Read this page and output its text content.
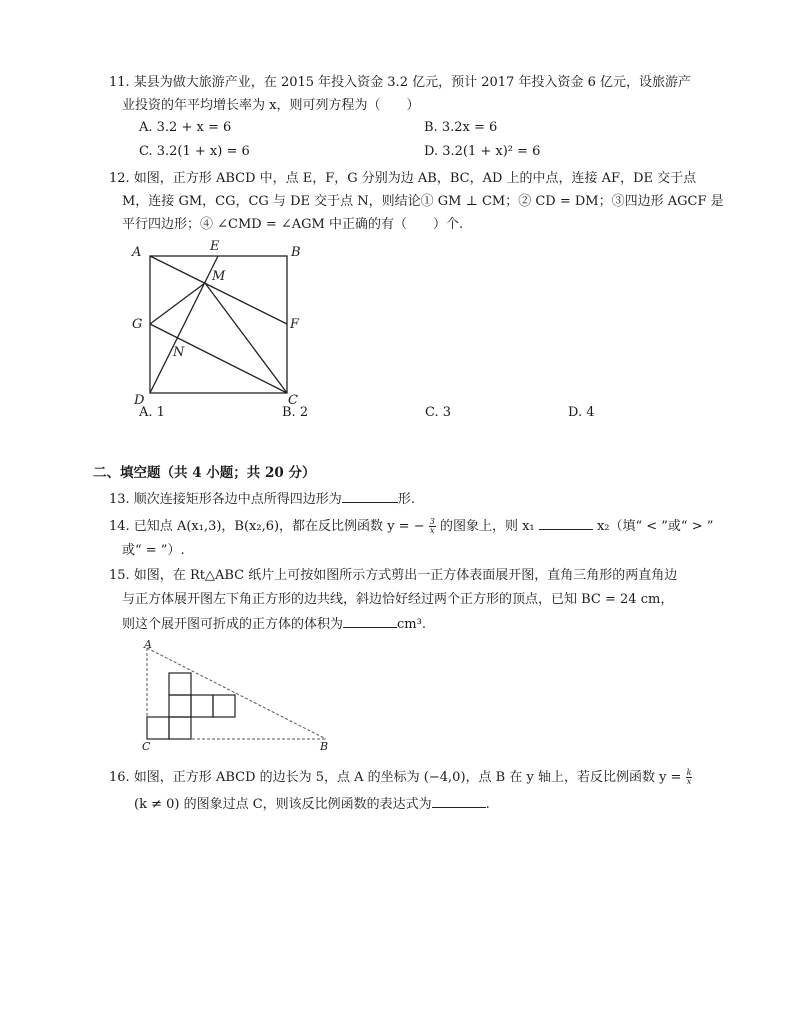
11. 某县为做大旅游产业，在 2015 年投入资金 3.2 亿元，预计 2017 年投入资金 6 亿元，设旅游产
业投资的年平均增长率为 x，则可列方程为（　　）
A. 3.2 + x = 6	B. 3.2x = 6
C. 3.2(1 + x) = 6	D. 3.2(1 + x)² = 6
12. 如图，正方形 ABCD 中，点 E，F，G 分别为边 AB，BC，AD 上的中点，连接 AF，DE 交于点
M，连接 GM，CG，CG 与 DE 交于点 N，则结论① GM ⊥ CM；② CD = DM；③四边形 AGCF 是
平行四边形；④ ∠CMD = ∠AGM 中正确的有（　　）个.
A	B
C
D
E
F
G
M
N
A. 1	B. 2	C. 3	D. 4
二、填空题（共 4 小题；共 20 分）
13. 顺次连接矩形各边中点所得四边形为	形.
14. 已知点 A(x₁,3)，B(x₂,6)，都在反比例函数 y = − $\frac{3}{x}$ 的图象上，则 x₁	x₂（填“ < ”或“ > ”
或“ = ”）.
15. 如图，在 Rt△ABC 纸片上可按如图所示方式剪出一正方体表面展开图，直角三角形的两直角边
与正方体展开图左下角正方形的边共线，斜边恰好经过两个正方形的顶点，已知 BC = 24 cm，
则这个展开图可折成的正方体的体积为	cm³.
A
C	B
16. 如图，正方形 ABCD 的边长为 5，点 A 的坐标为 (−4,0)，点 B 在 y 轴上，若反比例函数 $y = \frac{k}{x}$
(k ≠ 0) 的图象过点 C，则该反比例函数的表达式为	.
